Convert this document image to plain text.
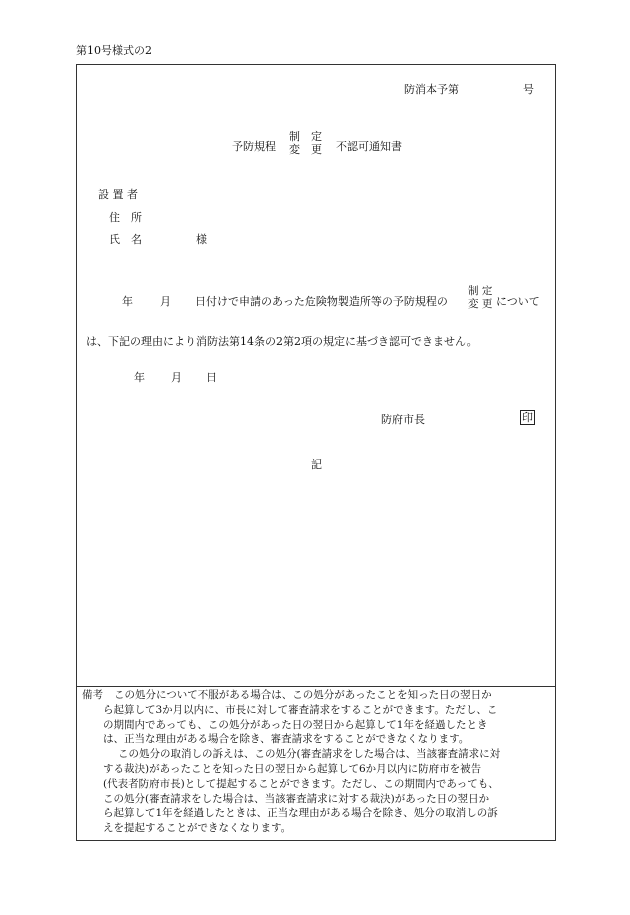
第10号様式の2
防消本予第	号
予防規程
制　定
変　更 不認可通知書
設 置 者
住　所
氏　名	様
年 月 日付けで申請のあった危険物製造所等の予防規程の
制 定
変 更 について
は、下記の理由により消防法第14条の2第2項の規定に基づき認可できません。
年 月 日
防府市長	印
記
備考 この処分について不服がある場合は、この処分があったことを知った日の翌日か
ら起算して3か月以内に、市長に対して審査請求をすることができます。ただし、こ
の期間内であっても、この処分があった日の翌日から起算して1年を経過したとき
は、正当な理由がある場合を除き、審査請求をすることができなくなります。
この処分の取消しの訴えは、この処分(審査請求をした場合は、当該審査請求に対
する裁決)があったことを知った日の翌日から起算して6か月以内に防府市を被告
(代表者防府市長)として提起することができます。ただし、この期間内であっても、
この処分(審査請求をした場合は、当該審査請求に対する裁決)があった日の翌日か
ら起算して1年を経過したときは、正当な理由がある場合を除き、処分の取消しの訴
えを提起することができなくなります。
